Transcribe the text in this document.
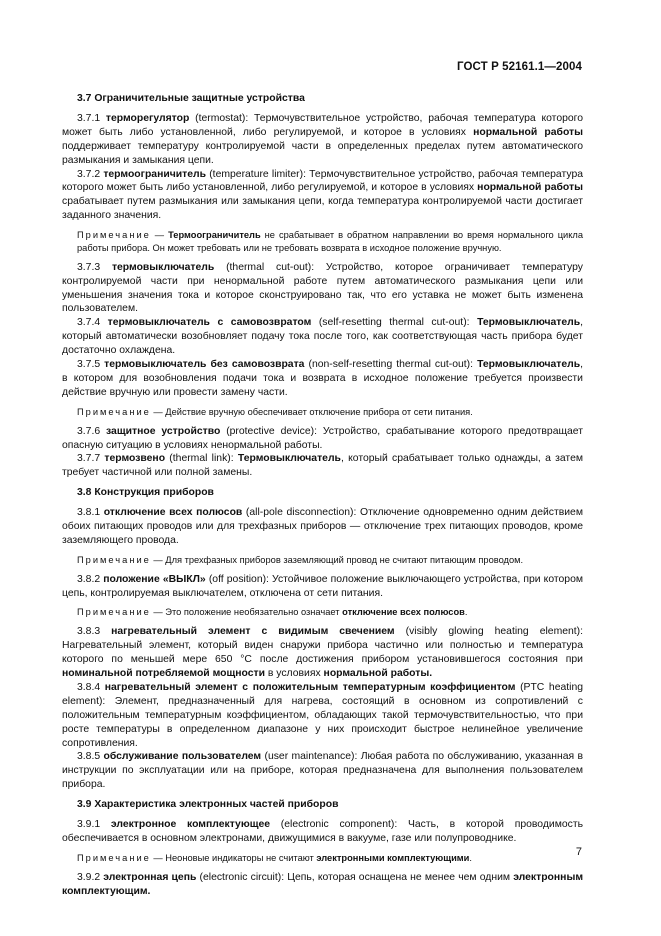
ГОСТ Р 52161.1—2004
3.7 Ограничительные защитные устройства

3.7.1 терморегулятор (termostat): Термочувствительное устройство, рабочая температура которого может быть либо установленной, либо регулируемой, и которое в условиях нормальной работы поддерживает температуру контролируемой части в определенных пределах путем автоматического размыкания и замыкания цепи.

3.7.2 термоограничитель (temperature limiter): Термочувствительное устройство, рабочая температура которого может быть либо установленной, либо регулируемой, и которое в условиях нормальной работы срабатывает путем размыкания или замыкания цепи, когда температура контролируемой части достигает заданного значения.

Примечание — Термоограничитель не срабатывает в обратном направлении во время нормального цикла работы прибора. Он может требовать или не требовать возврата в исходное положение вручную.

3.7.3 термовыключатель (thermal cut-out): Устройство, которое ограничивает температуру контролируемой части при ненормальной работе путем автоматического размыкания цепи или уменьшения значения тока и которое сконструировано так, что его уставка не может быть изменена пользователем.

3.7.4 термовыключатель с самовозвратом (self-resetting thermal cut-out): Термовыключатель, который автоматически возобновляет подачу тока после того, как соответствующая часть прибора будет достаточно охлаждена.

3.7.5 термовыключатель без самовозврата (non-self-resetting thermal cut-out): Термовыключатель, в котором для возобновления подачи тока и возврата в исходное положение требуется произвести действие вручную или провести замену части.

Примечание — Действие вручную обеспечивает отключение прибора от сети питания.

3.7.6 защитное устройство (protective device): Устройство, срабатывание которого предотвращает опасную ситуацию в условиях ненормальной работы.

3.7.7 термозвено (thermal link): Термовыключатель, который срабатывает только однажды, а затем требует частичной или полной замены.

3.8 Конструкция приборов

3.8.1 отключение всех полюсов (all-pole disconnection): Отключение одновременно одним действием обоих питающих проводов или для трехфазных приборов — отключение трех питающих проводов, кроме заземляющего провода.

Примечание — Для трехфазных приборов заземляющий провод не считают питающим проводом.

3.8.2 положение «ВЫКЛ» (off position): Устойчивое положение выключающего устройства, при котором цепь, контролируемая выключателем, отключена от сети питания.

Примечание — Это положение необязательно означает отключение всех полюсов.

3.8.3 нагревательный элемент с видимым свечением (visibly glowing heating element): Нагревательный элемент, который виден снаружи прибора частично или полностью и температура которого по меньшей мере 650 °С после достижения прибором установившегося состояния при номинальной потребляемой мощности в условиях нормальной работы.

3.8.4 нагревательный элемент с положительным температурным коэффициентом (PTC heating element): Элемент, предназначенный для нагрева, состоящий в основном из сопротивлений с положительным температурным коэффициентом, обладающих такой термочувствительностью, что при росте температуры в определенном диапазоне у них происходит быстрое нелинейное увеличение сопротивления.

3.8.5 обслуживание пользователем (user maintenance): Любая работа по обслуживанию, указанная в инструкции по эксплуатации или на приборе, которая предназначена для выполнения пользователем прибора.

3.9 Характеристика электронных частей приборов

3.9.1 электронное комплектующее (electronic component): Часть, в которой проводимость обеспечивается в основном электронами, движущимися в вакууме, газе или полупроводнике.

Примечание — Неоновые индикаторы не считают электронными комплектующими.

3.9.2 электронная цепь (electronic circuit): Цепь, которая оснащена не менее чем одним электронным комплектующим.

7
